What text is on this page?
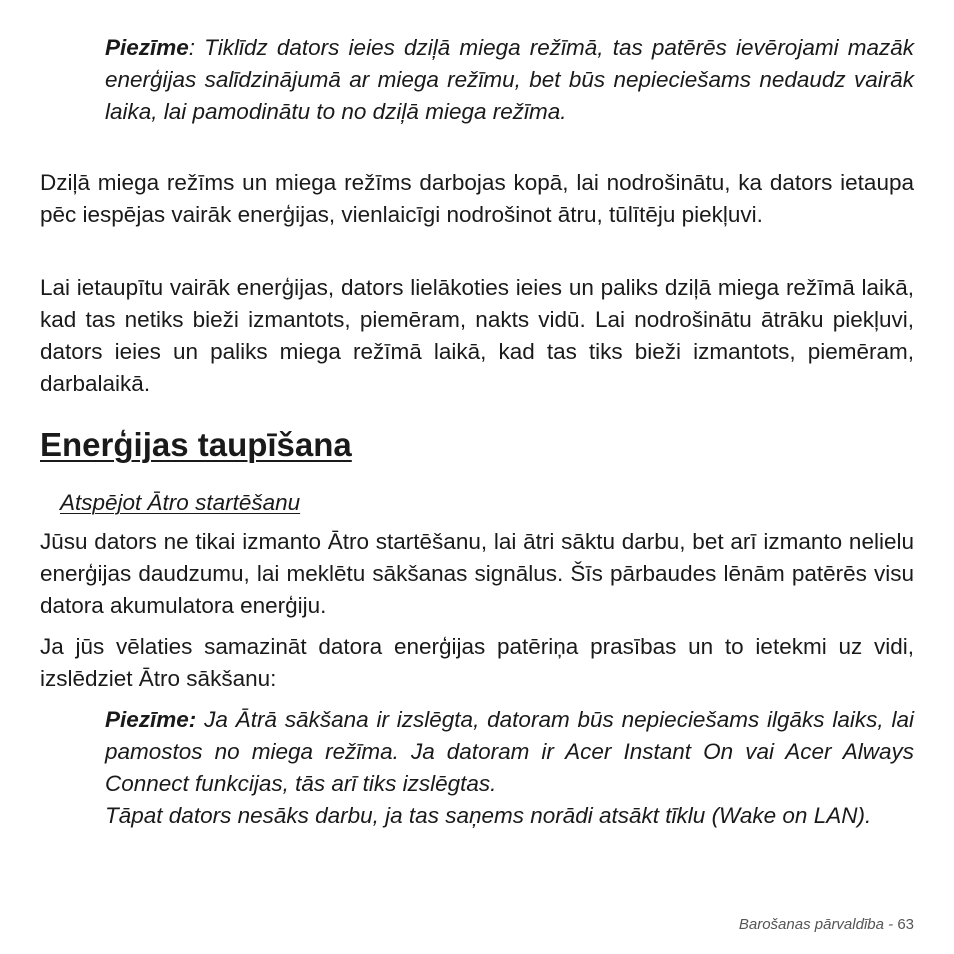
Piezīme: Tiklīdz dators ieies dziļā miega režīmā, tas patērēs ievērojami mazāk enerģijas salīdzinājumā ar miega režīmu, bet būs nepieciešams nedaudz vairāk laika, lai pamodinātu to no dziļā miega režīma.

Dziļā miega režīms un miega režīms darbojas kopā, lai nodrošinātu, ka dators ietaupa pēc iespējas vairāk enerģijas, vienlaicīgi nodrošinot ātru, tūlītēju piekļuvi.

Lai ietaupītu vairāk enerģijas, dators lielākoties ieies un paliks dziļā miega režīmā laikā, kad tas netiks bieži izmantots, piemēram, nakts vidū. Lai nodrošinātu ātrāku piekļuvi, dators ieies un paliks miega režīmā laikā, kad tas tiks bieži izmantots, piemēram, darbalaikā.

Enerģijas taupīšana
Atspējot Ātro startēšanu

Jūsu dators ne tikai izmanto Ātro startēšanu, lai ātri sāktu darbu, bet arī izmanto nelielu enerģijas daudzumu, lai meklētu sākšanas signālus. Šīs pārbaudes lēnām patērēs visu datora akumulatora enerģiju.

Ja jūs vēlaties samazināt datora enerģijas patēriņa prasības un to ietekmi uz vidi, izslēdziet Ātro sākšanu:

Piezīme: Ja Ātrā sākšana ir izslēgta, datoram būs nepieciešams ilgāks laiks, lai pamostos no miega režīma. Ja datoram ir Acer Instant On vai Acer Always Connect funkcijas, tās arī tiks izslēgtas.
Tāpat dators nesāks darbu, ja tas saņems norādi atsākt tīklu (Wake on LAN).
Barošanas pārvaldība - 63
